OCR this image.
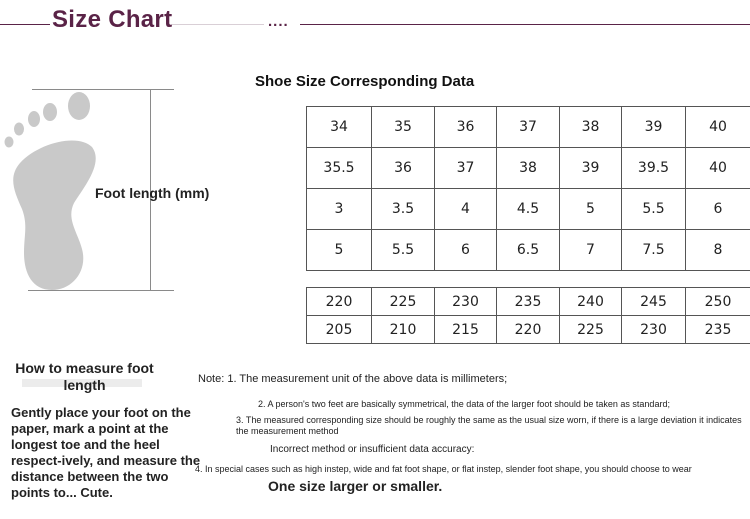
Size Chart	....
Shoe Size Corresponding Data
Foot length (mm)
34	35	36	37	38	39	40
35.5	36	37	38	39	39.5	40
3	3.5	4	4.5	5	5.5	6
5	5.5	6	6.5	7	7.5	8
220	225	230	235	240	245	250
205	210	215	220	225	230	235
How to measure foot length
Gently place your foot on the paper, mark a point at the longest toe and the heel respect-ively, and measure the distance between the two points to... Cute.
Note: 1. The measurement unit of the above data is millimeters;
2. A person's two feet are basically symmetrical, the data of the larger foot should be taken as standard;
3. The measured corresponding size should be roughly the same as the usual size worn, if there is a large deviation it indicates the measurement method
Incorrect method or insufficient data accuracy:
4. In special cases such as high instep, wide and fat foot shape, or flat instep, slender foot shape, you should choose to wear
One size larger or smaller.
